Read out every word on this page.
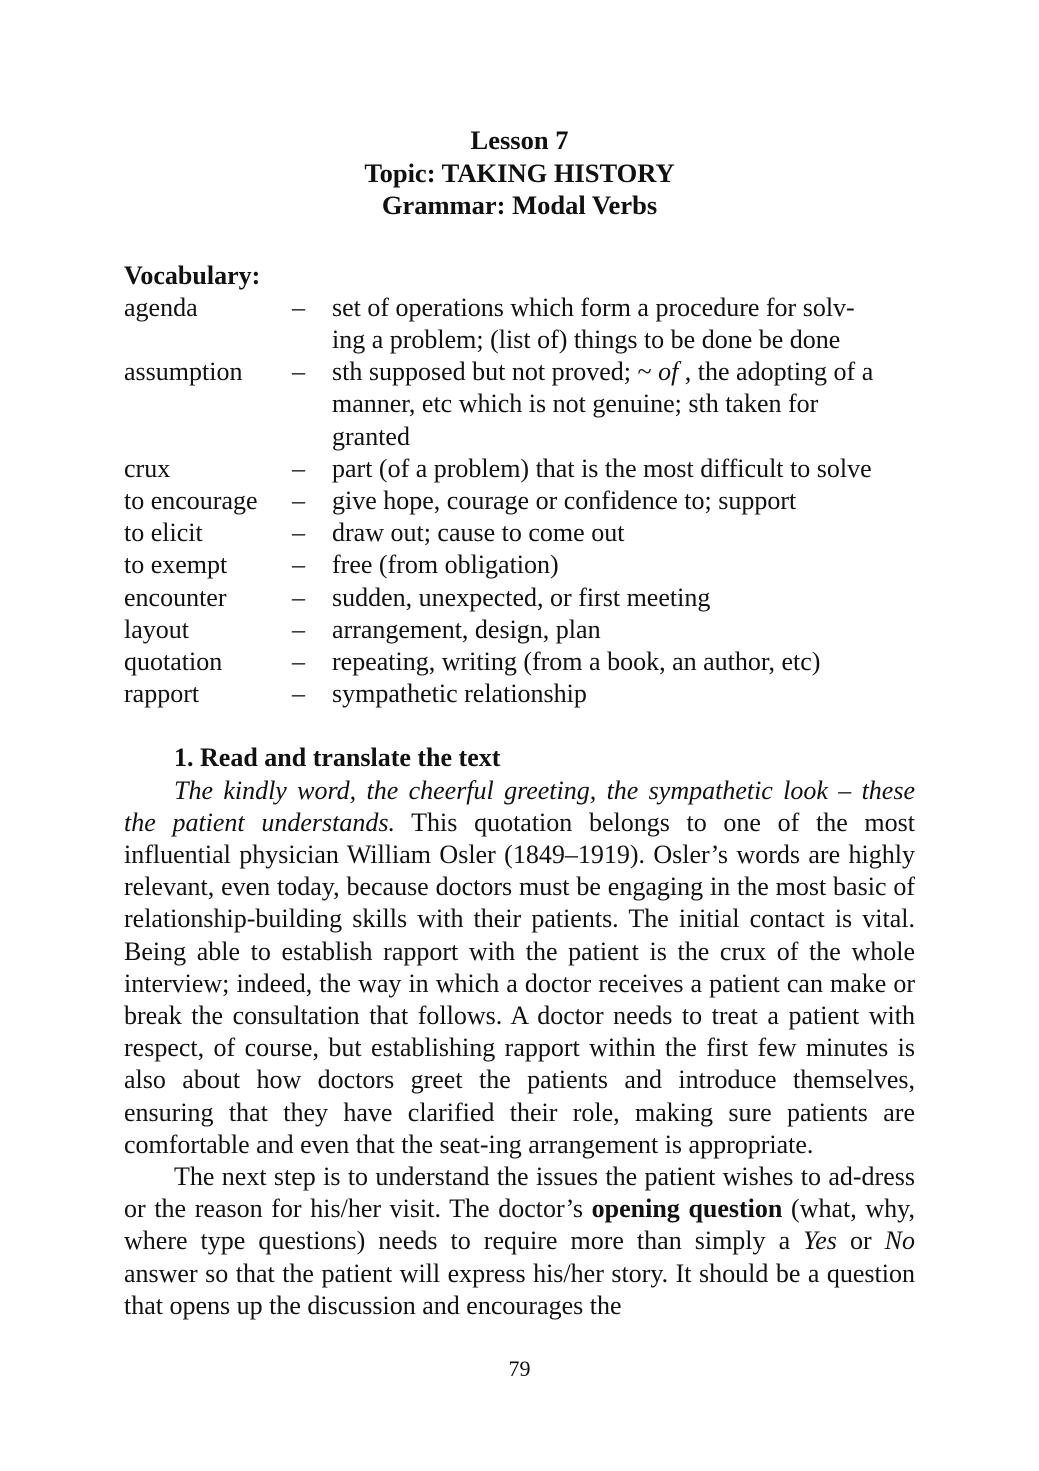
Lesson 7
Topic: TAKING HISTORY
Grammar: Modal Verbs
Vocabulary:
agenda	–	set of operations which form a procedure for solv-
ing a problem; (list of) things to be done be done
assumption	–	sth supposed but not proved; ~ of , the adopting of a
manner, etc which is not genuine; sth taken for
granted
crux	–	part (of a problem) that is the most difficult to solve
to encourage	–	give hope, courage or confidence to; support
to elicit	–	draw out; cause to come out
to exempt	–	free (from obligation)
encounter	–	sudden, unexpected, or first meeting
layout	–	arrangement, design, plan
quotation	–	repeating, writing (from a book, an author, etc)
rapport	–	sympathetic relationship
1. Read and translate the text

The kindly word, the cheerful greeting, the sympathetic look – these the patient understands. This quotation belongs to one of the most influential physician William Osler (1849–1919). Osler’s words are highly relevant, even today, because doctors must be engaging in the most basic of relationship-building skills with their patients. The initial contact is vital. Being able to establish rapport with the patient is the crux of the whole interview; indeed, the way in which a doctor receives a patient can make or break the consultation that follows. A doctor needs to treat a patient with respect, of course, but establishing rapport within the first few minutes is also about how doctors greet the patients and introduce themselves, ensuring that they have clarified their role, making sure patients are comfortable and even that the seat-ing arrangement is appropriate.

The next step is to understand the issues the patient wishes to ad-dress or the reason for his/her visit. The doctor’s opening question (what, why, where type questions) needs to require more than simply a Yes or No answer so that the patient will express his/her story. It should be a question that opens up the discussion and encourages the

79
